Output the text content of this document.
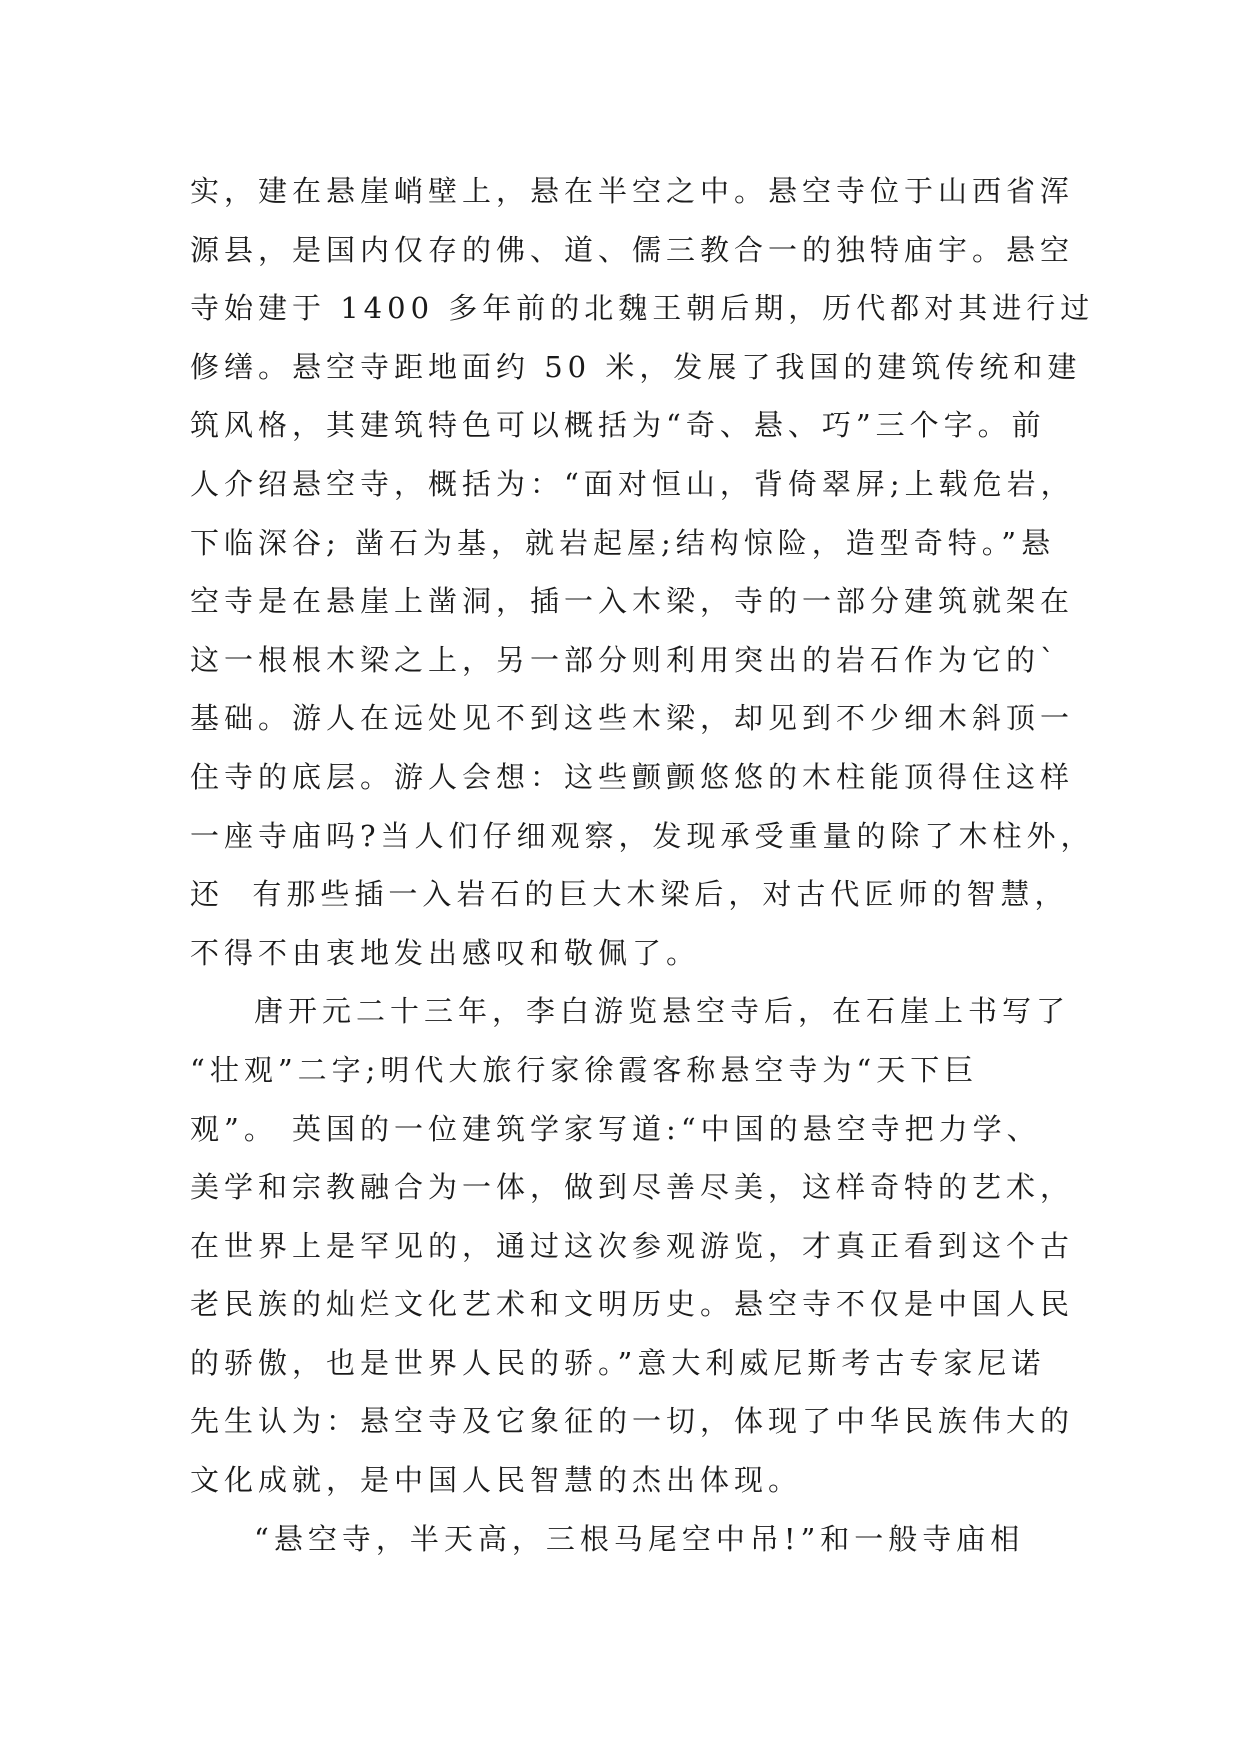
实，建在悬崖峭壁上，悬在半空之中。悬空寺位于山西省浑
源县，是国内仅存的佛、道、儒三教合一的独特庙宇。悬空
寺始建于 1400 多年前的北魏王朝后期，历代都对其进行过
修缮。悬空寺距地面约 50 米，发展了我国的建筑传统和建
筑风格，其建筑特色可以概括为“奇、悬、巧”三个字。前
人介绍悬空寺，概括为：“面对恒山，背倚翠屏;上载危岩，
下临深谷; 凿石为基，就岩起屋;结构惊险，造型奇特。”悬
空寺是在悬崖上凿洞，插一入木梁，寺的一部分建筑就架在
这一根根木梁之上，另一部分则利用突出的岩石作为它的`
基础。游人在远处见不到这些木梁，却见到不少细木斜顶一
住寺的底层。游人会想：这些颤颤悠悠的木柱能顶得住这样
一座寺庙吗?当人们仔细观察，发现承受重量的除了木柱外，
还  有那些插一入岩石的巨大木梁后，对古代匠师的智慧，
不得不由衷地发出感叹和敬佩了。
唐开元二十三年，李白游览悬空寺后，在石崖上书写了
“壮观”二字;明代大旅行家徐霞客称悬空寺为“天下巨
观”。 英国的一位建筑学家写道:“中国的悬空寺把力学、
美学和宗教融合为一体，做到尽善尽美，这样奇特的艺术，
在世界上是罕见的，通过这次参观游览，才真正看到这个古
老民族的灿烂文化艺术和文明历史。悬空寺不仅是中国人民
的骄傲，也是世界人民的骄。”意大利威尼斯考古专家尼诺
先生认为：悬空寺及它象征的一切，体现了中华民族伟大的
文化成就，是中国人民智慧的杰出体现。
“悬空寺，半天高，三根马尾空中吊!”和一般寺庙相
